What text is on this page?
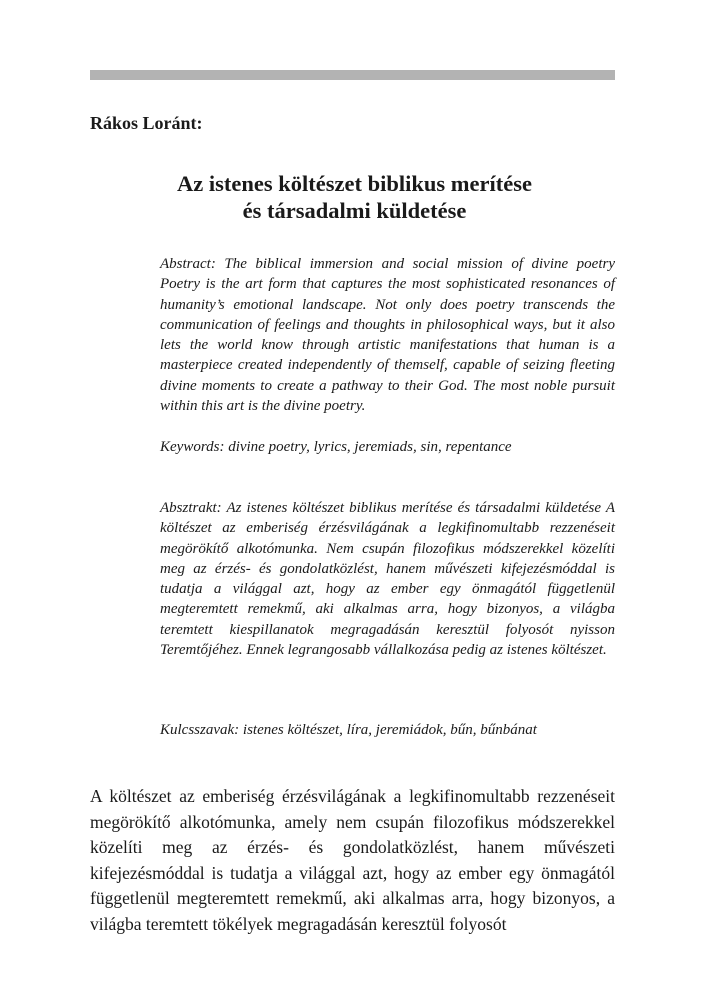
Rákos Loránt:
Az istenes költészet biblikus merítése
és társadalmi küldetése

Abstract: The biblical immersion and social mission of divine poetry Poetry is the art form that captures the most sophisticated resonances of humanity’s emotional landscape. Not only does poetry transcends the communication of feelings and thoughts in philosophical ways, but it also lets the world know through artistic manifestations that human is a masterpiece created independently of themself, capable of seizing fleeting divine moments to create a pathway to their God. The most noble pursuit within this art is the divine poetry.

Keywords: divine poetry, lyrics, jeremiads, sin, repentance

Absztrakt: Az istenes költészet biblikus merítése és társadalmi küldetése A költészet az emberiség érzésvilágának a legkifinomultabb rezzenéseit megörökítő alkotómunka. Nem csupán filozofikus módszerekkel közelíti meg az érzés- és gondolatközlést, hanem művészeti kifejezésmóddal is tudatja a világgal azt, hogy az ember egy önmagától függetlenül megteremtett remekmű, aki alkalmas arra, hogy bizonyos, a világba teremtett kiespillanatok megragadásán keresztül folyosót nyisson Teremtőjéhez. Ennek legrangosabb vállalkozása pedig az istenes költészet.

Kulcsszavak: istenes költészet, líra, jeremiádok, bűn, bűnbánat

A költészet az emberiség érzésvilágának a legkifinomultabb rezzenéseit megörökítő alkotómunka, amely nem csupán filozofikus módszerekkel közelíti meg az érzés- és gondolatközlést, hanem művészeti kifejezésmóddal is tudatja a világgal azt, hogy az ember egy önmagától függetlenül megteremtett remekmű, aki alkalmas arra, hogy bizonyos, a világba teremtett tökélyek megragadásán keresztül folyosót
